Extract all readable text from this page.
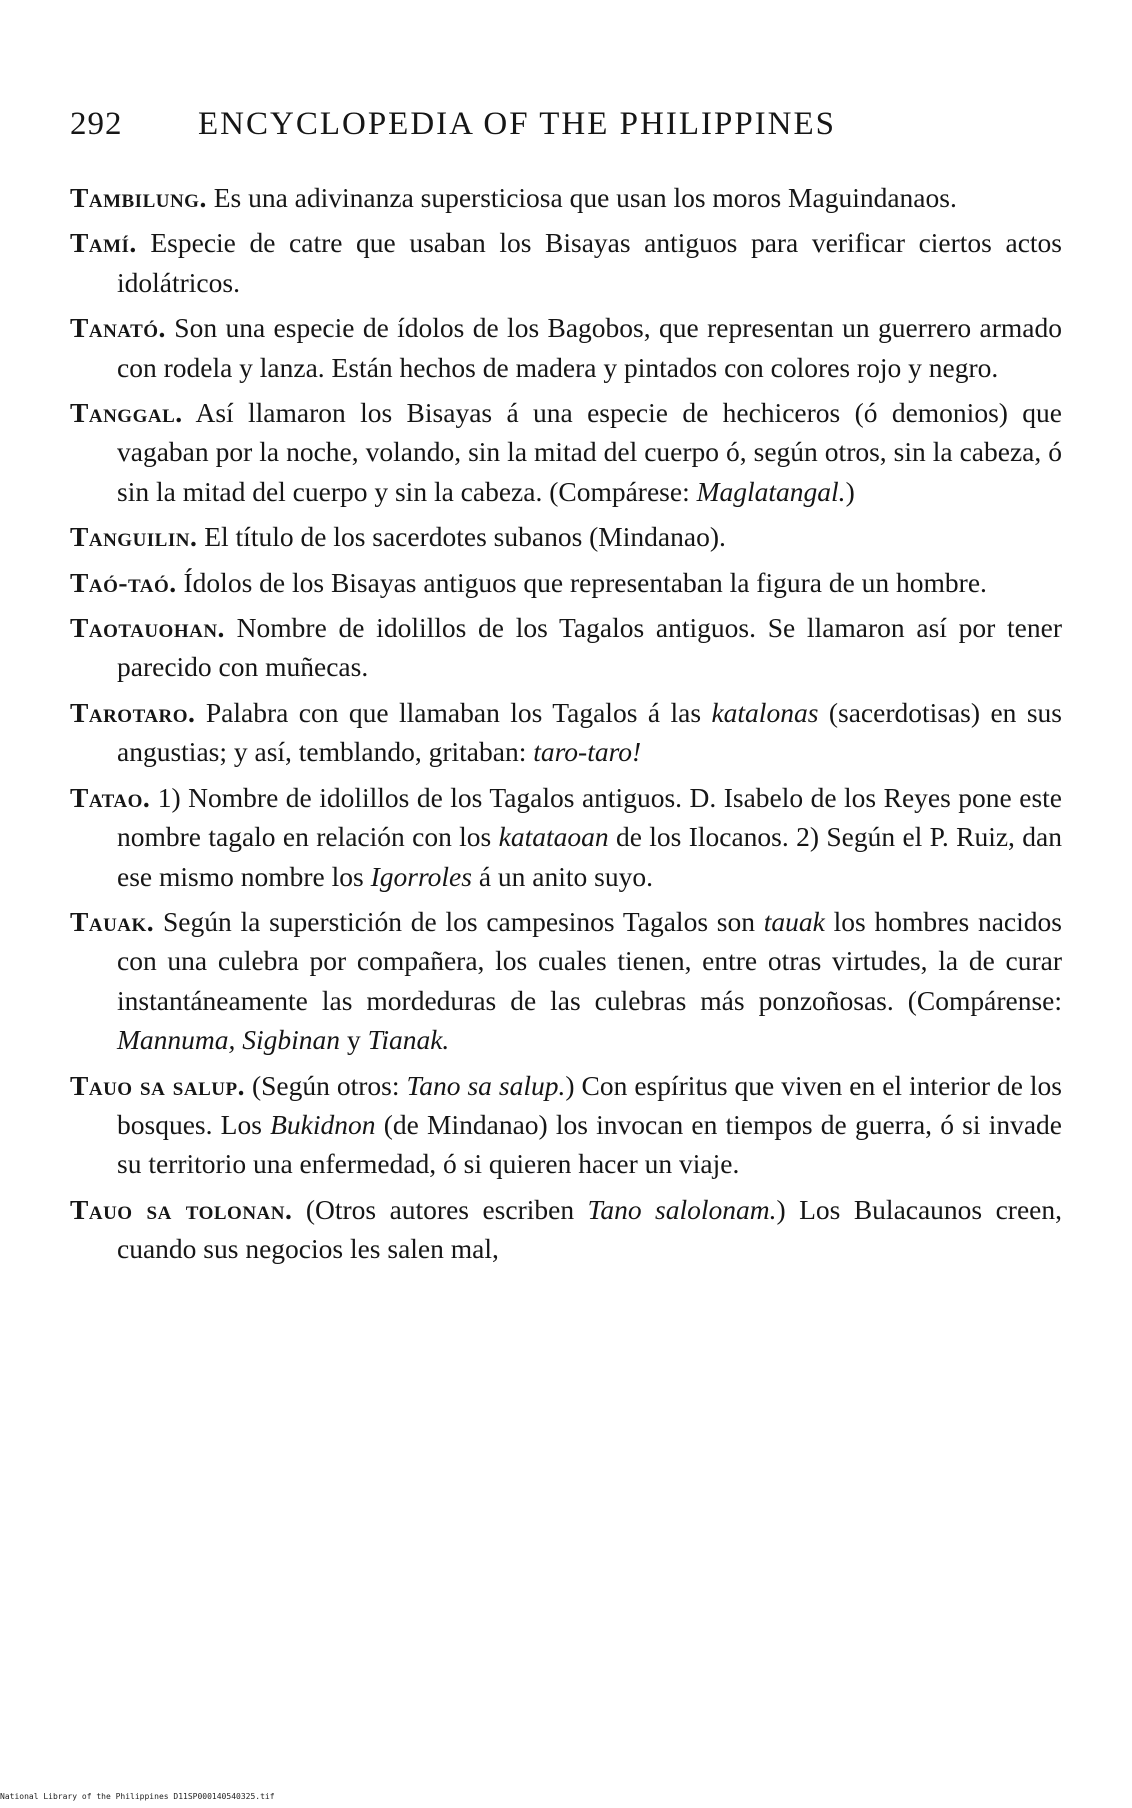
292 ENCYCLOPEDIA OF THE PHILIPPINES

Tambilung. Es una adivinanza supersticiosa que usan los moros Maguindanaos.

Tamí. Especie de catre que usaban los Bisayas antiguos para verificar ciertos actos idolátricos.

Tanató. Son una especie de ídolos de los Bagobos, que representan un guerrero armado con rodela y lanza. Están hechos de madera y pintados con colores rojo y negro.

Tanggal. Así llamaron los Bisayas á una especie de hechiceros (ó demonios) que vagaban por la noche, volando, sin la mitad del cuerpo ó, según otros, sin la cabeza, ó sin la mitad del cuerpo y sin la cabeza. (Compárese: Maglatangal.)

Tanguilin. El título de los sacerdotes subanos (Mindanao).

Taó-taó. Ídolos de los Bisayas antiguos que representaban la figura de un hombre.

Taotauohan. Nombre de idolillos de los Tagalos antiguos. Se llamaron así por tener parecido con muñecas.

Tarotaro. Palabra con que llamaban los Tagalos á las katalonas (sacerdotisas) en sus angustias; y así, temblando, gritaban: taro-taro!

Tatao. 1) Nombre de idolillos de los Tagalos antiguos. D. Isabelo de los Reyes pone este nombre tagalo en relación con los katataoan de los Ilocanos. 2) Según el P. Ruiz, dan ese mismo nombre los Igorroles á un anito suyo.

Tauak. Según la superstición de los campesinos Tagalos son tauak los hombres nacidos con una culebra por compañera, los cuales tienen, entre otras virtudes, la de curar instantáneamente las mordeduras de las culebras más ponzoñosas. (Compárense: Mannuma, Sigbinan y Tianak.

Tauo sa salup. (Según otros: Tano sa salup.) Con espíritus que viven en el interior de los bosques. Los Bukidnon (de Mindanao) los invocan en tiempos de guerra, ó si invade su territorio una enfermedad, ó si quieren hacer un viaje.

Tauo sa tolonan. (Otros autores escriben Tano salolonam.) Los Bulacaunos creen, cuando sus negocios les salen mal,

National Library of the Philippines D11SP000140540325.tif
